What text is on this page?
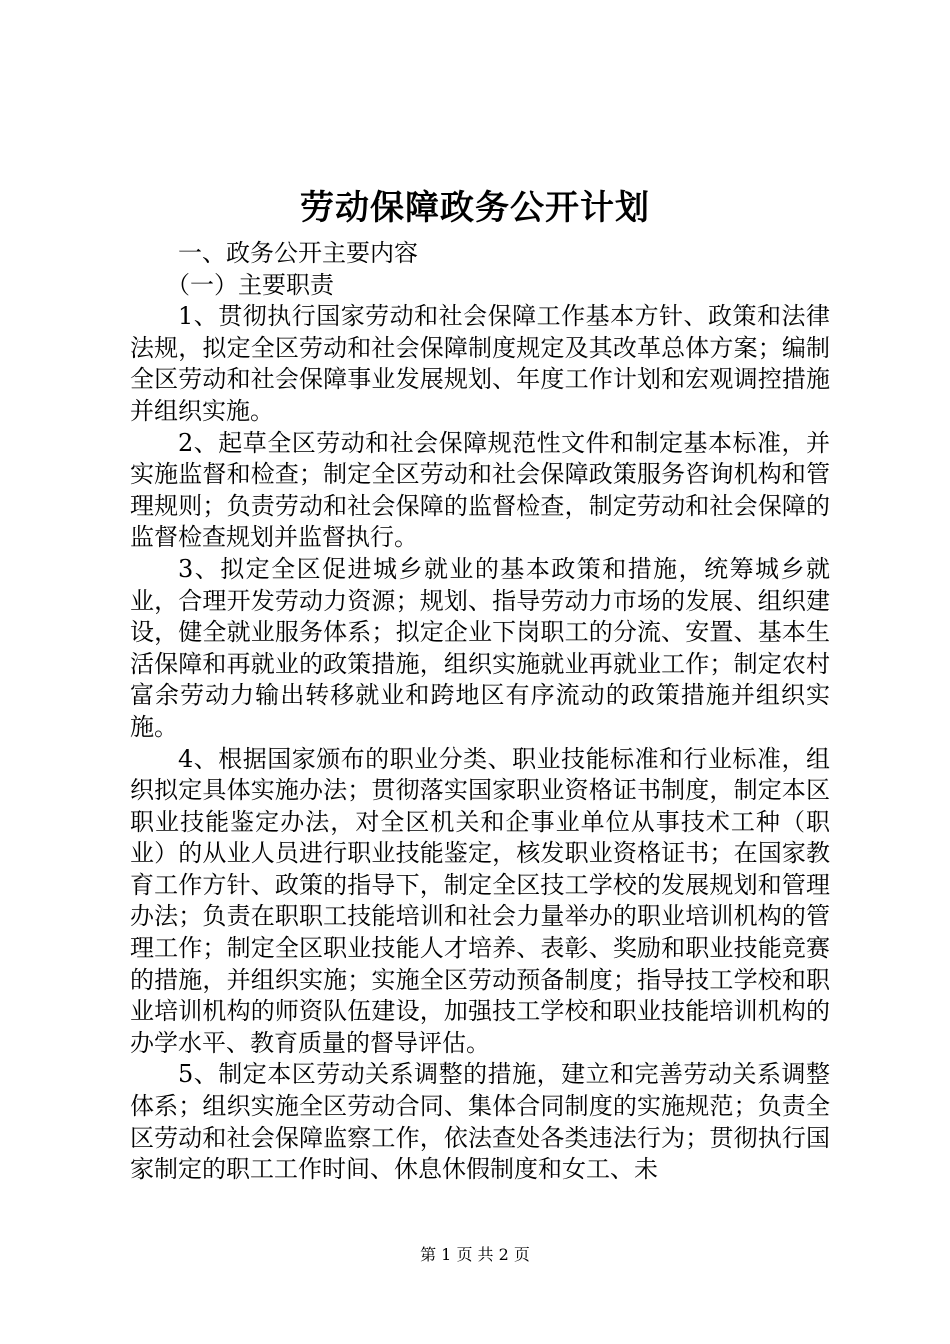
劳动保障政务公开计划

一、政务公开主要内容

（一）主要职责

1、贯彻执行国家劳动和社会保障工作基本方针、政策和法律法规，拟定全区劳动和社会保障制度规定及其改革总体方案；编制全区劳动和社会保障事业发展规划、年度工作计划和宏观调控措施并组织实施。

2、起草全区劳动和社会保障规范性文件和制定基本标准，并实施监督和检查；制定全区劳动和社会保障政策服务咨询机构和管理规则；负责劳动和社会保障的监督检查，制定劳动和社会保障的监督检查规划并监督执行。

3、拟定全区促进城乡就业的基本政策和措施，统筹城乡就业，合理开发劳动力资源；规划、指导劳动力市场的发展、组织建设，健全就业服务体系；拟定企业下岗职工的分流、安置、基本生活保障和再就业的政策措施，组织实施就业再就业工作；制定农村富余劳动力输出转移就业和跨地区有序流动的政策措施并组织实施。

4、根据国家颁布的职业分类、职业技能标准和行业标准，组织拟定具体实施办法；贯彻落实国家职业资格证书制度，制定本区职业技能鉴定办法，对全区机关和企事业单位从事技术工种（职业）的从业人员进行职业技能鉴定，核发职业资格证书；在国家教育工作方针、政策的指导下，制定全区技工学校的发展规划和管理办法；负责在职职工技能培训和社会力量举办的职业培训机构的管理工作；制定全区职业技能人才培养、表彰、奖励和职业技能竞赛的措施，并组织实施；实施全区劳动预备制度；指导技工学校和职业培训机构的师资队伍建设，加强技工学校和职业技能培训机构的办学水平、教育质量的督导评估。

5、制定本区劳动关系调整的措施，建立和完善劳动关系调整体系；组织实施全区劳动合同、集体合同制度的实施规范；负责全区劳动和社会保障监察工作，依法查处各类违法行为；贯彻执行国家制定的职工工作时间、休息休假制度和女工、未

第 1 页 共 2 页
